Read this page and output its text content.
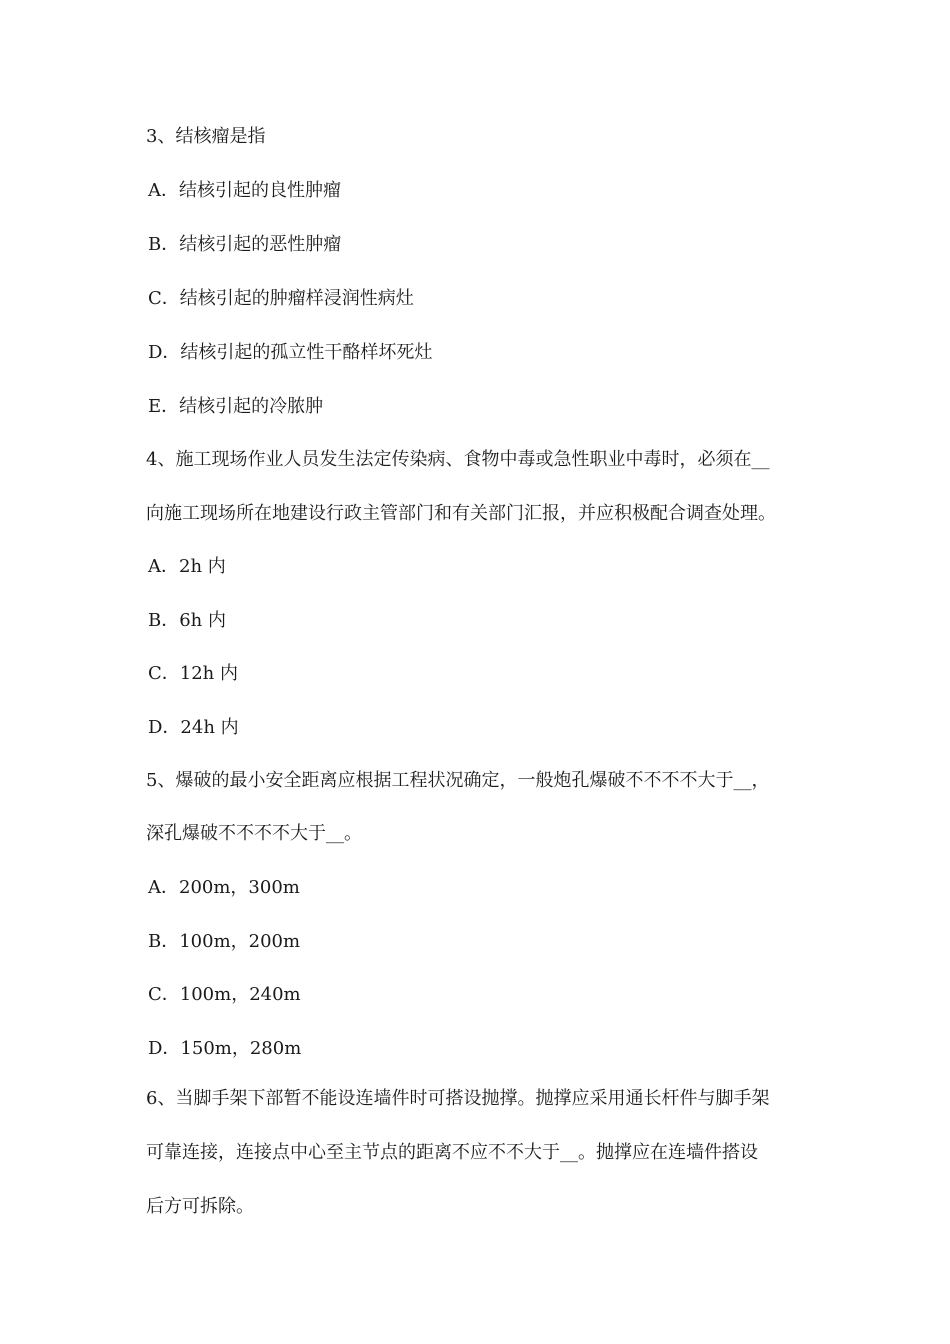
3、结核瘤是指
A．结核引起的良性肿瘤
B．结核引起的恶性肿瘤
C．结核引起的肿瘤样浸润性病灶
D．结核引起的孤立性干酪样坏死灶
E．结核引起的冷脓肿
4、施工现场作业人员发生法定传染病、食物中毒或急性职业中毒时，必须在__
向施工现场所在地建设行政主管部门和有关部门汇报，并应积极配合调查处理。
A．2h 内
B．6h 内
C．12h 内
D．24h 内
5、爆破的最小安全距离应根据工程状况确定，一般炮孔爆破不不不不大于__，
深孔爆破不不不不大于__。
A．200m，300m
B．100m，200m
C．100m，240m
D．150m，280m
6、当脚手架下部暂不能设连墙件时可搭设抛撑。抛撑应采用通长杆件与脚手架
可靠连接，连接点中心至主节点的距离不应不不大于__。抛撑应在连墙件搭设
后方可拆除。
